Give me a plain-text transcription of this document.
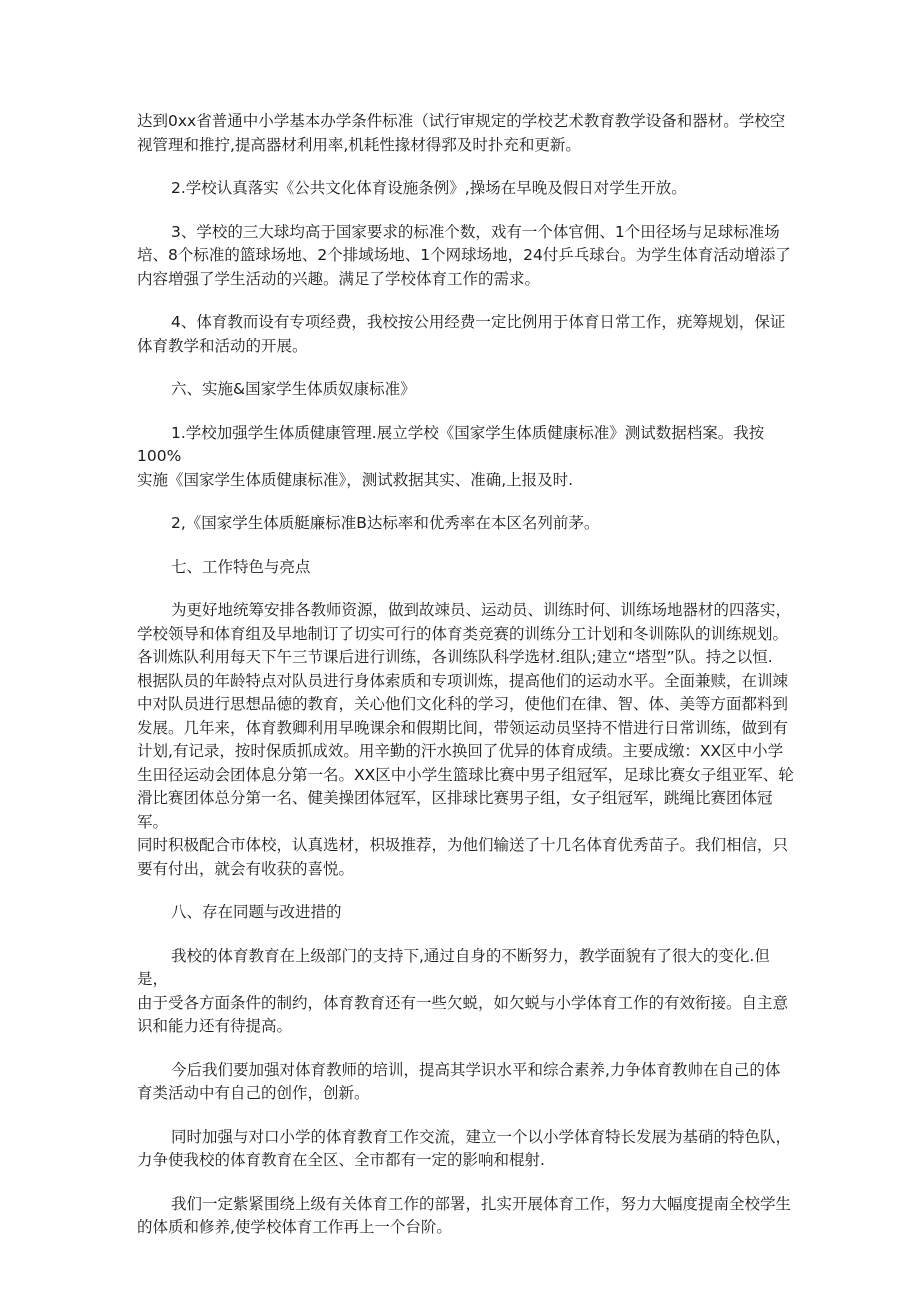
达到0xx省普通中小学基本办学条件标准（试行审规定的学校艺术教育教学设备和器材。学校空
视管理和推拧,提高器材利用率,机耗性掾材得郛及时扑充和更新。

2.学校认真落实《公共文化体育设施条例》,操场在早晚及假日对学生开放。

3、学校的三大球均高于国家要求的标准个数，戏有一个体官佣、1个田径场与足球标准场
培、8个标准的篮球场地、2个排域场地、1个网球场地，24付乒乓球台。为学生体育活动增添了
内容増强了学生活动的兴趣。满足了学校体育工作的需求。

4、体育教而设有专项经费，我校按公用经费一定比例用于体育日常工作，疣筹规划，保证
体育教学和活动的开展。

六、实施&国家学生体质奴康标准》

1.学校加强学生体质健康管理.展立学校《国家学生体质健康标准》测试数据档案。我按100%
实施《国家学生体质健康标准》，测试救据其实、准确,上报及时.

2,《国家学生体质艇廉标准B达标率和优秀率在本区名列前茅。

七、工作特色与亮点

为更好地统筹安排各教师资源，做到故竦员、运动员、训练时何、训练场地器材的四落实，
学校领导和体育组及早地制订了切实可行的体育类竞赛的训练分工计划和冬训陈队的训练规划。
各训炼队利用每天下午三节课后进行训练，各训练队科学选材.组队;建立“塔型”队。持之以恒.
根据队员的年龄特点对队员进行身体索质和专项训炼，提高他们的运动水平。全面兼赎，在训竦
中对队员进行思想品徳的教育，关心他们文化科的学习，使他们在律、智、体、美等方面都料到
发展。几年来，体育教卿利用早晚课余和假期比间，带领运动员坚持不惜进行日常训练，做到有
计划,有记录，按时保质抓成效。用辛勤的汗水换回了优异的体育成绩。主要成缴：XX区中小学
生田径运动会团体息分第一名。XX区中小学生篮球比赛中男子组冠军，足球比赛女子组亚军、轮
滑比赛团体总分第一名、健美操团体冠军，区排球比赛男子组，女子组冠军，跳绳比赛团体冠军。
同时积极配合市体校，认真选材，枳圾推荐，为他们输送了十几名体育优秀苗子。我们相信，只
要有付出，就会有收获的喜悦。

八、存在同题与改进措的

我校的体育教育在上级部门的支持下,通过自身的不断努力，教学面貌有了很大的变化.但是，
由于受各方面条件的制约，体育教育还有一些欠蜕，如欠蜕与小学体育工作的有效衔接。自主意
识和能力还有待提高。

今后我们要加强对体育教师的培训，提高其学识水平和综合素养,力争体育教帅在自己的体
育类活动中有自己的创作，创新。

同时加强与对口小学的体育教育工作交流，建立一个以小学体育特长发展为基硝的特色队，
力争使我校的体育教育在全区、全市都有一定的影响和棍射.

我们一定紫紧围绕上级有关体育工作的部署，扎实开展体育工作，努力大幅度提南全校学生
的体质和修养,使学校体育工作再上一个台阶。
